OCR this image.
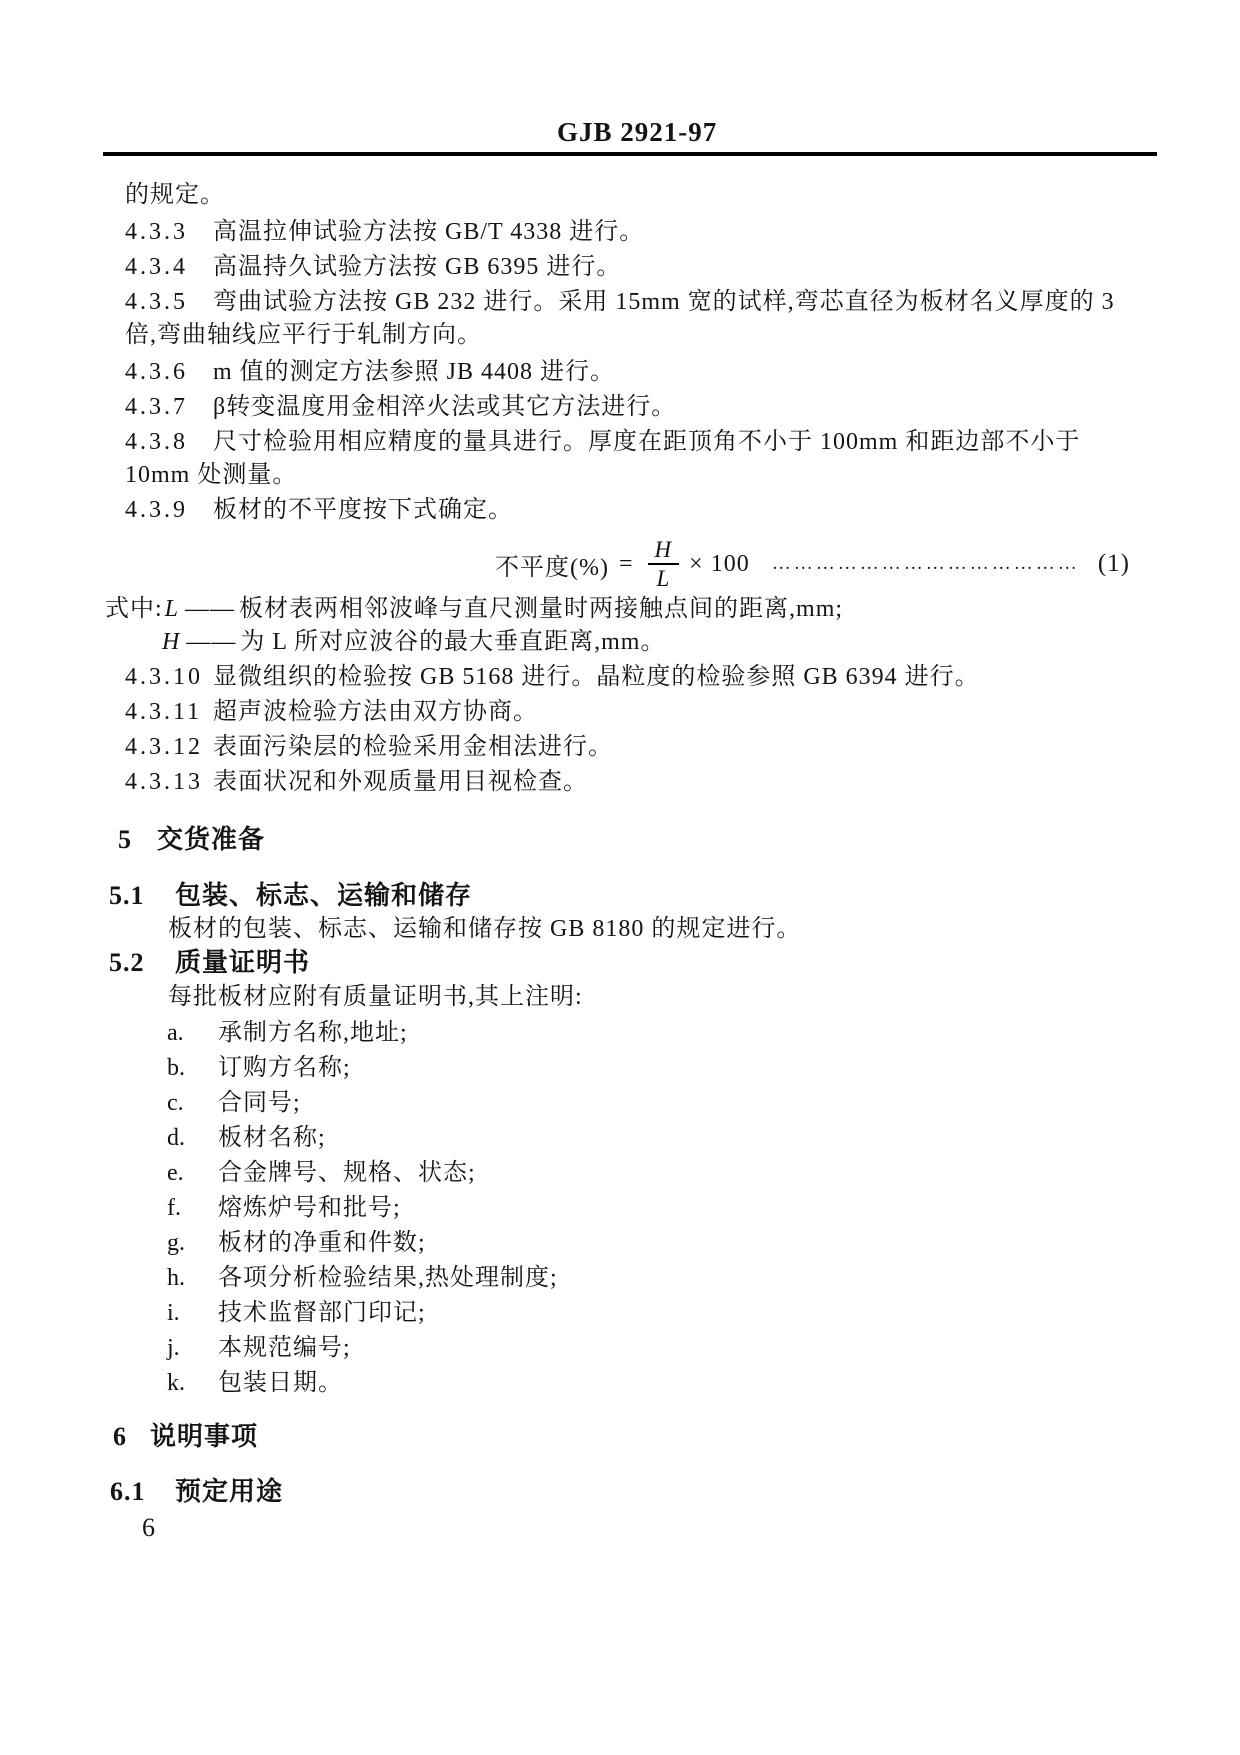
GJB 2921-97
的规定。
4.3.3 高温拉伸试验方法按 GB/T 4338 进行。
4.3.4 高温持久试验方法按 GB 6395 进行。
4.3.5 弯曲试验方法按 GB 232 进行。采用 15mm 宽的试样,弯芯直径为板材名义厚度的 3
倍,弯曲轴线应平行于轧制方向。
4.3.6 m 值的测定方法参照 JB 4408 进行。
4.3.7 β转变温度用金相淬火法或其它方法进行。
4.3.8 尺寸检验用相应精度的量具进行。厚度在距顶角不小于 100mm 和距边部不小于
10mm 处测量。
4.3.9 板材的不平度按下式确定。
不平度(%) = $\frac{H}{L} \times 100$	…………………………………… (1)
式中:L —— 板材表两相邻波峰与直尺测量时两接触点间的距离,mm;
H —— 为 L 所对应波谷的最大垂直距离,mm。
4.3.10 显微组织的检验按 GB 5168 进行。晶粒度的检验参照 GB 6394 进行。
4.3.11 超声波检验方法由双方协商。
4.3.12 表面污染层的检验采用金相法进行。
4.3.13 表面状况和外观质量用目视检查。
5 交货准备
5.1 包装、标志、运输和储存
板材的包装、标志、运输和储存按 GB 8180 的规定进行。
5.2 质量证明书
每批板材应附有质量证明书,其上注明:
a. 承制方名称,地址;
b. 订购方名称;
c. 合同号;
d. 板材名称;
e. 合金牌号、规格、状态;
f. 熔炼炉号和批号;
g. 板材的净重和件数;
h. 各项分析检验结果,热处理制度;
i. 技术监督部门印记;
j. 本规范编号;
k. 包装日期。
6 说明事项
6.1 预定用途
6
